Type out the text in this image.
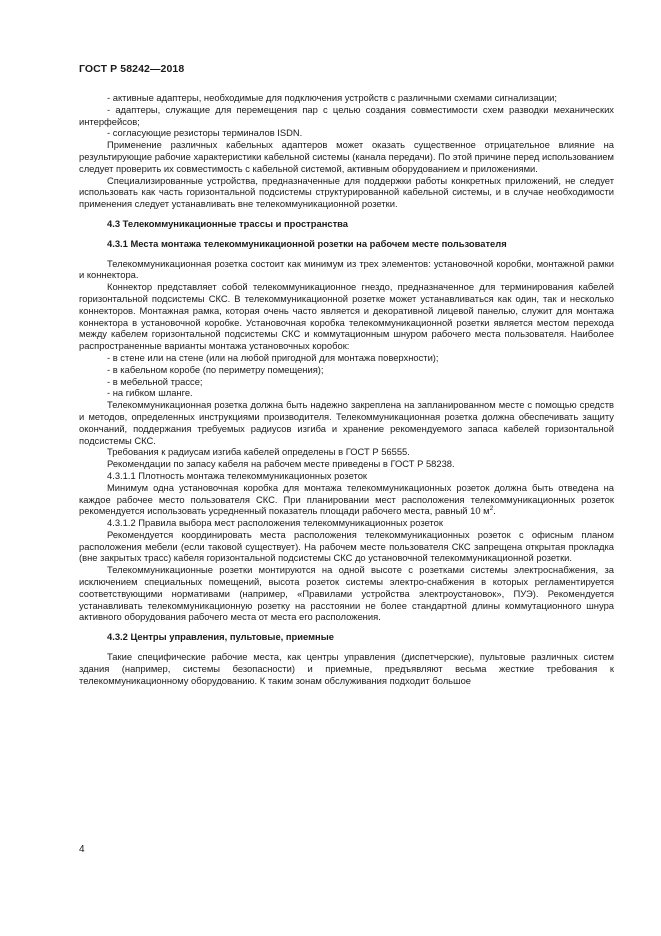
ГОСТ Р 58242—2018

- активные адаптеры, необходимые для подключения устройств с различными схемами сигнализации;

- адаптеры, служащие для перемещения пар с целью создания совместимости схем разводки механических интерфейсов;

- согласующие резисторы терминалов ISDN.

Применение различных кабельных адаптеров может оказать существенное отрицательное влияние на результирующие рабочие характеристики кабельной системы (канала передачи). По этой причине перед использованием следует проверить их совместимость с кабельной системой, активным оборудованием и приложениями.

Специализированные устройства, предназначенные для поддержки работы конкретных приложений, не следует использовать как часть горизонтальной подсистемы структурированной кабельной системы, и в случае необходимости применения следует устанавливать вне телекоммуникационной розетки.

4.3 Телекоммуникационные трассы и пространства

4.3.1 Места монтажа телекоммуникационной розетки на рабочем месте пользователя

Телекоммуникационная розетка состоит как минимум из трех элементов: установочной коробки, монтажной рамки и коннектора.

Коннектор представляет собой телекоммуникационное гнездо, предназначенное для терминирования кабелей горизонтальной подсистемы СКС. В телекоммуникационной розетке может устанавливаться как один, так и несколько коннекторов. Монтажная рамка, которая очень часто является и декоративной лицевой панелью, служит для монтажа коннектора в установочной коробке. Установочная коробка телекоммуникационной розетки является местом перехода между кабелем горизонтальной подсистемы СКС и коммутационным шнуром рабочего места пользователя. Наиболее распространенные варианты монтажа установочных коробок:

- в стене или на стене (или на любой пригодной для монтажа поверхности);

- в кабельном коробе (по периметру помещения);

- в мебельной трассе;

- на гибком шланге.

Телекоммуникационная розетка должна быть надежно закреплена на запланированном месте с помощью средств и методов, определенных инструкциями производителя. Телекоммуникационная розетка должна обеспечивать защиту окончаний, поддержания требуемых радиусов изгиба и хранение рекомендуемого запаса кабелей горизонтальной подсистемы СКС.

Требования к радиусам изгиба кабелей определены в ГОСТ Р 56555.

Рекомендации по запасу кабеля на рабочем месте приведены в ГОСТ Р 58238.

4.3.1.1 Плотность монтажа телекоммуникационных розеток

Минимум одна установочная коробка для монтажа телекоммуникационных розеток должна быть отведена на каждое рабочее место пользователя СКС. При планировании мест расположения телекоммуникационных розеток рекомендуется использовать усредненный показатель площади рабочего места, равный 10 $м^2$.

4.3.1.2 Правила выбора мест расположения телекоммуникационных розеток

Рекомендуется координировать места расположения телекоммуникационных розеток с офисным планом расположения мебели (если таковой существует). На рабочем месте пользователя СКС запрещена открытая прокладка (вне закрытых трасс) кабеля горизонтальной подсистемы СКС до установочной телекоммуникационной розетки.

Телекоммуникационные розетки монтируются на одной высоте с розетками системы электроснабжения, за исключением специальных помещений, высота розеток системы электро-снабжения в которых регламентируется соответствующими нормативами (например, «Правилами устройства электроустановок», ПУЭ). Рекомендуется устанавливать телекоммуникационную розетку на расстоянии не более стандартной длины коммутационного шнура активного оборудования рабочего места от места его расположения.

4.3.2 Центры управления, пультовые, приемные

Такие специфические рабочие места, как центры управления (диспетчерские), пультовые различных систем здания (например, системы безопасности) и приемные, предъявляют весьма жесткие требования к телекоммуникационному оборудованию. К таким зонам обслуживания подходит большое

4
